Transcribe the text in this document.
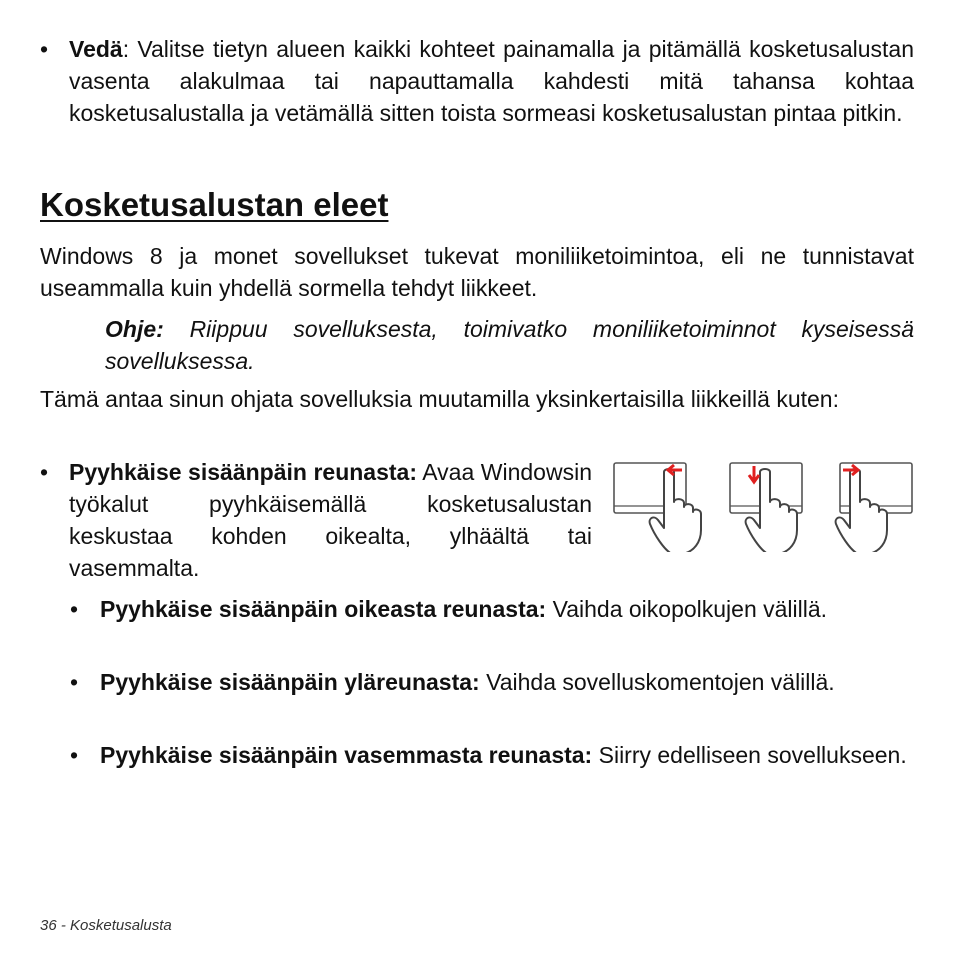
• Vedä: Valitse tietyn alueen kaikki kohteet painamalla ja pitämällä kosketusalustan vasenta alakulmaa tai napauttamalla kahdesti mitä tahansa kohtaa kosketusalustalla ja vetämällä sitten toista sormeasi kosketusalustan pintaa pitkin.
Kosketusalustan eleet
Windows 8 ja monet sovellukset tukevat moniliiketoimintoa, eli ne tunnistavat useammalla kuin yhdellä sormella tehdyt liikkeet.
Ohje: Riippuu sovelluksesta, toimivatko moniliiketoiminnot kyseisessä sovelluksessa.
Tämä antaa sinun ohjata sovelluksia muutamilla yksinkertaisilla liikkeillä kuten:
• Pyyhkäise sisäänpäin reunasta: Avaa Windowsin työkalut pyyhkäisemällä kosketusalustan keskustaa kohden oikealta, ylhäältä tai vasemmalta.
• Pyyhkäise sisäänpäin oikeasta reunasta: Vaihda oikopolkujen välillä.
• Pyyhkäise sisäänpäin yläreunasta: Vaihda sovelluskomentojen välillä.
• Pyyhkäise sisäänpäin vasemmasta reunasta: Siirry edelliseen sovellukseen.
36 - Kosketusalusta
